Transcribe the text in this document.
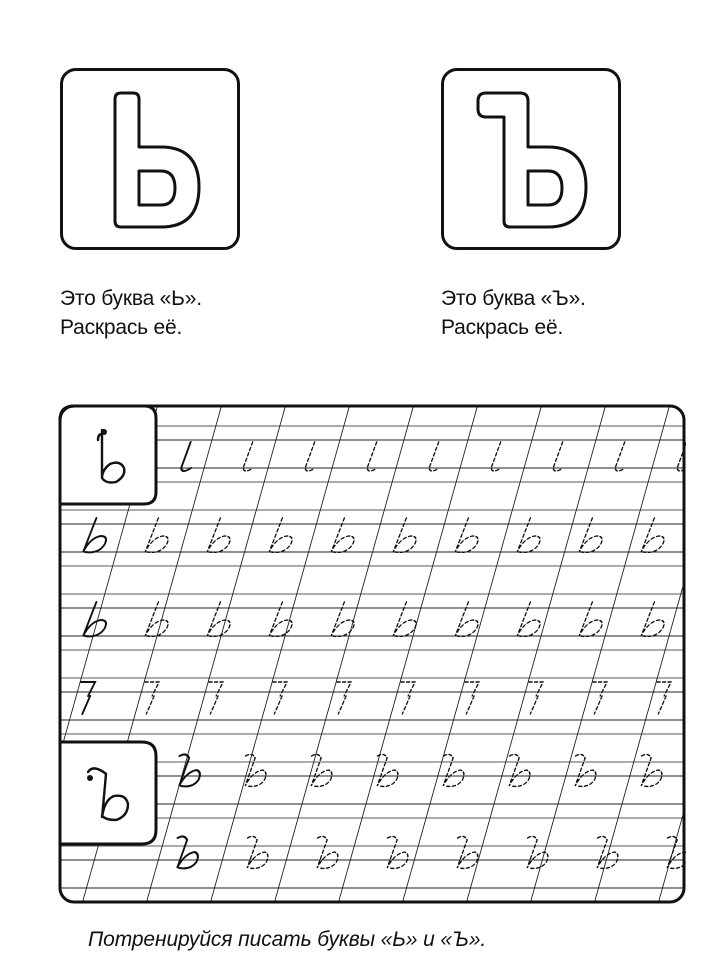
Это буква «Ь».
Раскрась её.
Это буква «Ъ».
Раскрась её.
Потренируйся писать буквы «Ь» и «Ъ».
